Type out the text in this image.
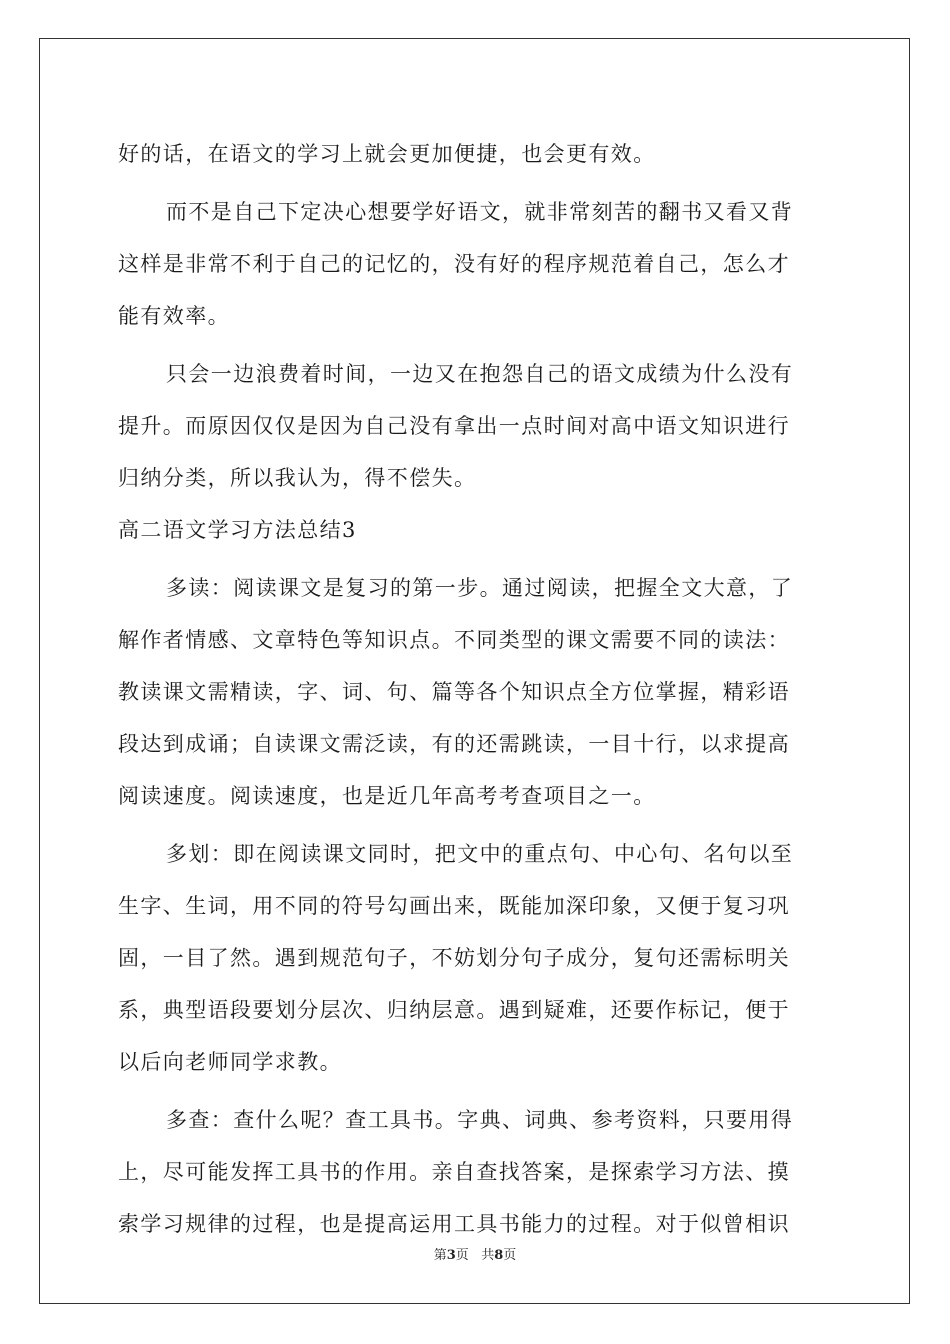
好的话，在语文的学习上就会更加便捷，也会更有效。
而不是自己下定决心想要学好语文，就非常刻苦的翻书又看又背
这样是非常不利于自己的记忆的，没有好的程序规范着自己，怎么才
能有效率。
只会一边浪费着时间，一边又在抱怨自己的语文成绩为什么没有
提升。而原因仅仅是因为自己没有拿出一点时间对高中语文知识进行
归纳分类，所以我认为，得不偿失。
高二语文学习方法总结3
多读：阅读课文是复习的第一步。通过阅读，把握全文大意，了
解作者情感、文章特色等知识点。不同类型的课文需要不同的读法：
教读课文需精读，字、词、句、篇等各个知识点全方位掌握，精彩语
段达到成诵；自读课文需泛读，有的还需跳读，一目十行，以求提高
阅读速度。阅读速度，也是近几年高考考查项目之一。
多划：即在阅读课文同时，把文中的重点句、中心句、名句以至
生字、生词，用不同的符号勾画出来，既能加深印象，又便于复习巩
固，一目了然。遇到规范句子，不妨划分句子成分，复句还需标明关
系，典型语段要划分层次、归纳层意。遇到疑难，还要作标记，便于
以后向老师同学求教。
多查：查什么呢？查工具书。字典、词典、参考资料，只要用得
上，尽可能发挥工具书的作用。亲自查找答案，是探索学习方法、摸
索学习规律的过程，也是提高运用工具书能力的过程。对于似曾相识
第3页 共8页
